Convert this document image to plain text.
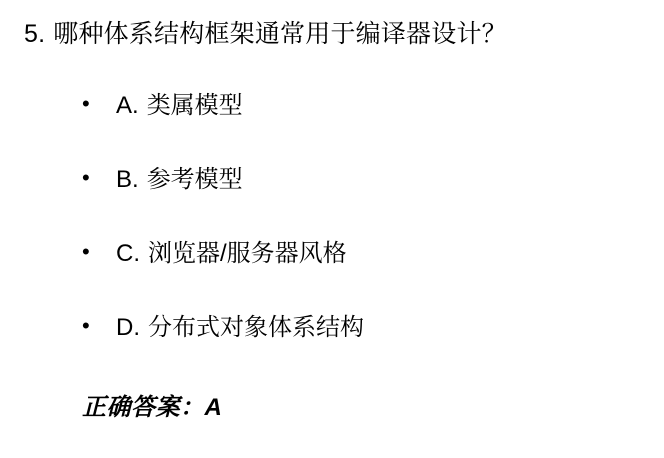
5. 哪种体系结构框架通常用于编译器设计？
•	A. 类属模型
•	B. 参考模型
•	C. 浏览器/服务器风格
•	D. 分布式对象体系结构
正确答案：A
